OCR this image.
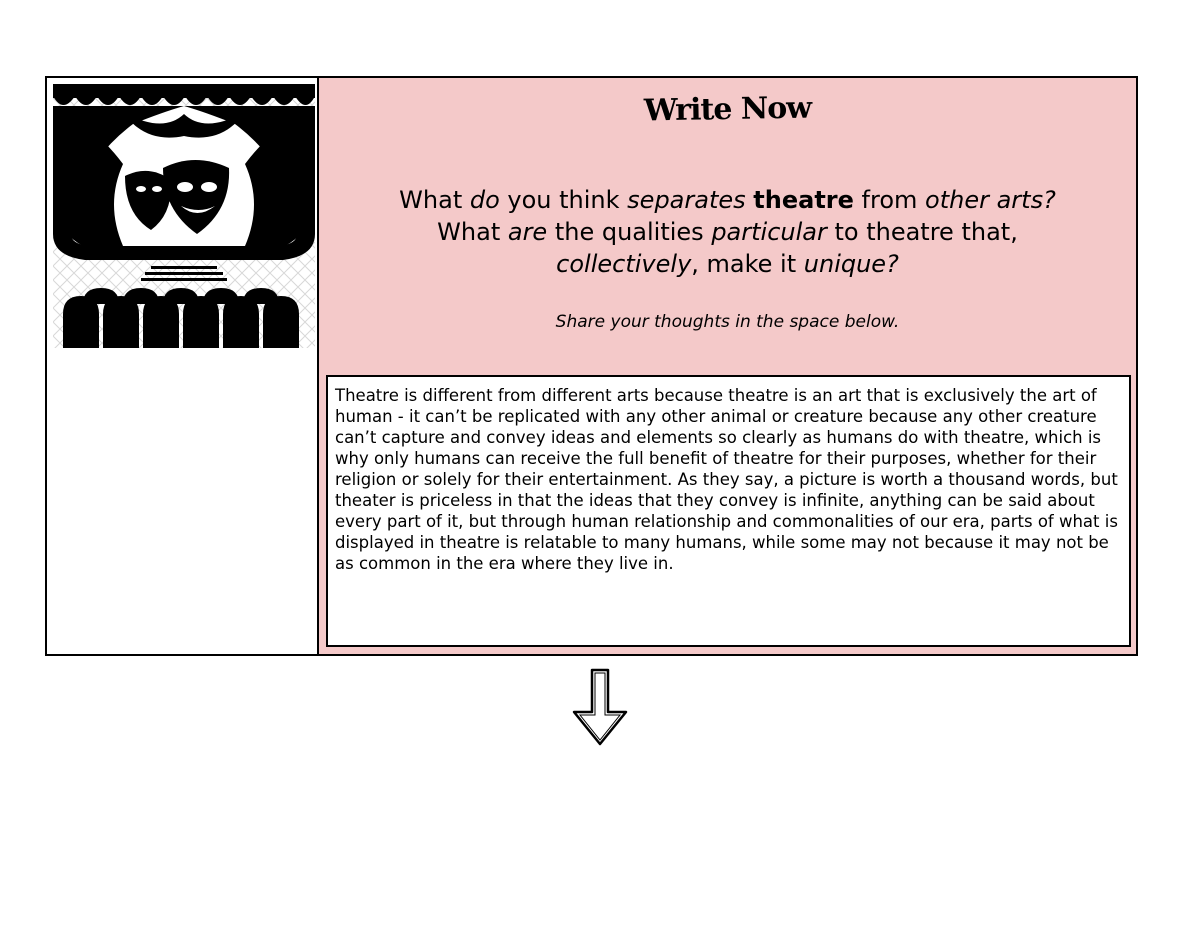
Write Now
What do you think separates theatre from other arts?
What are the qualities particular to theatre that,
collectively, make it unique?
Share your thoughts in the space below.
Theatre is different from different arts because theatre is an art that is exclusively the art of human - it can’t be replicated with any other animal or creature because any other creature can’t capture and convey ideas and elements so clearly as humans do with theatre, which is why only humans can receive the full benefit of theatre for their purposes, whether for their religion or solely for their entertainment. As they say, a picture is worth a thousand words, but theater is priceless in that the ideas that they convey is infinite, anything can be said about every part of it, but through human relationship and commonalities of our era, parts of what is displayed in theatre is relatable to many humans, while some may not because it may not be as common in the era where they live in.
